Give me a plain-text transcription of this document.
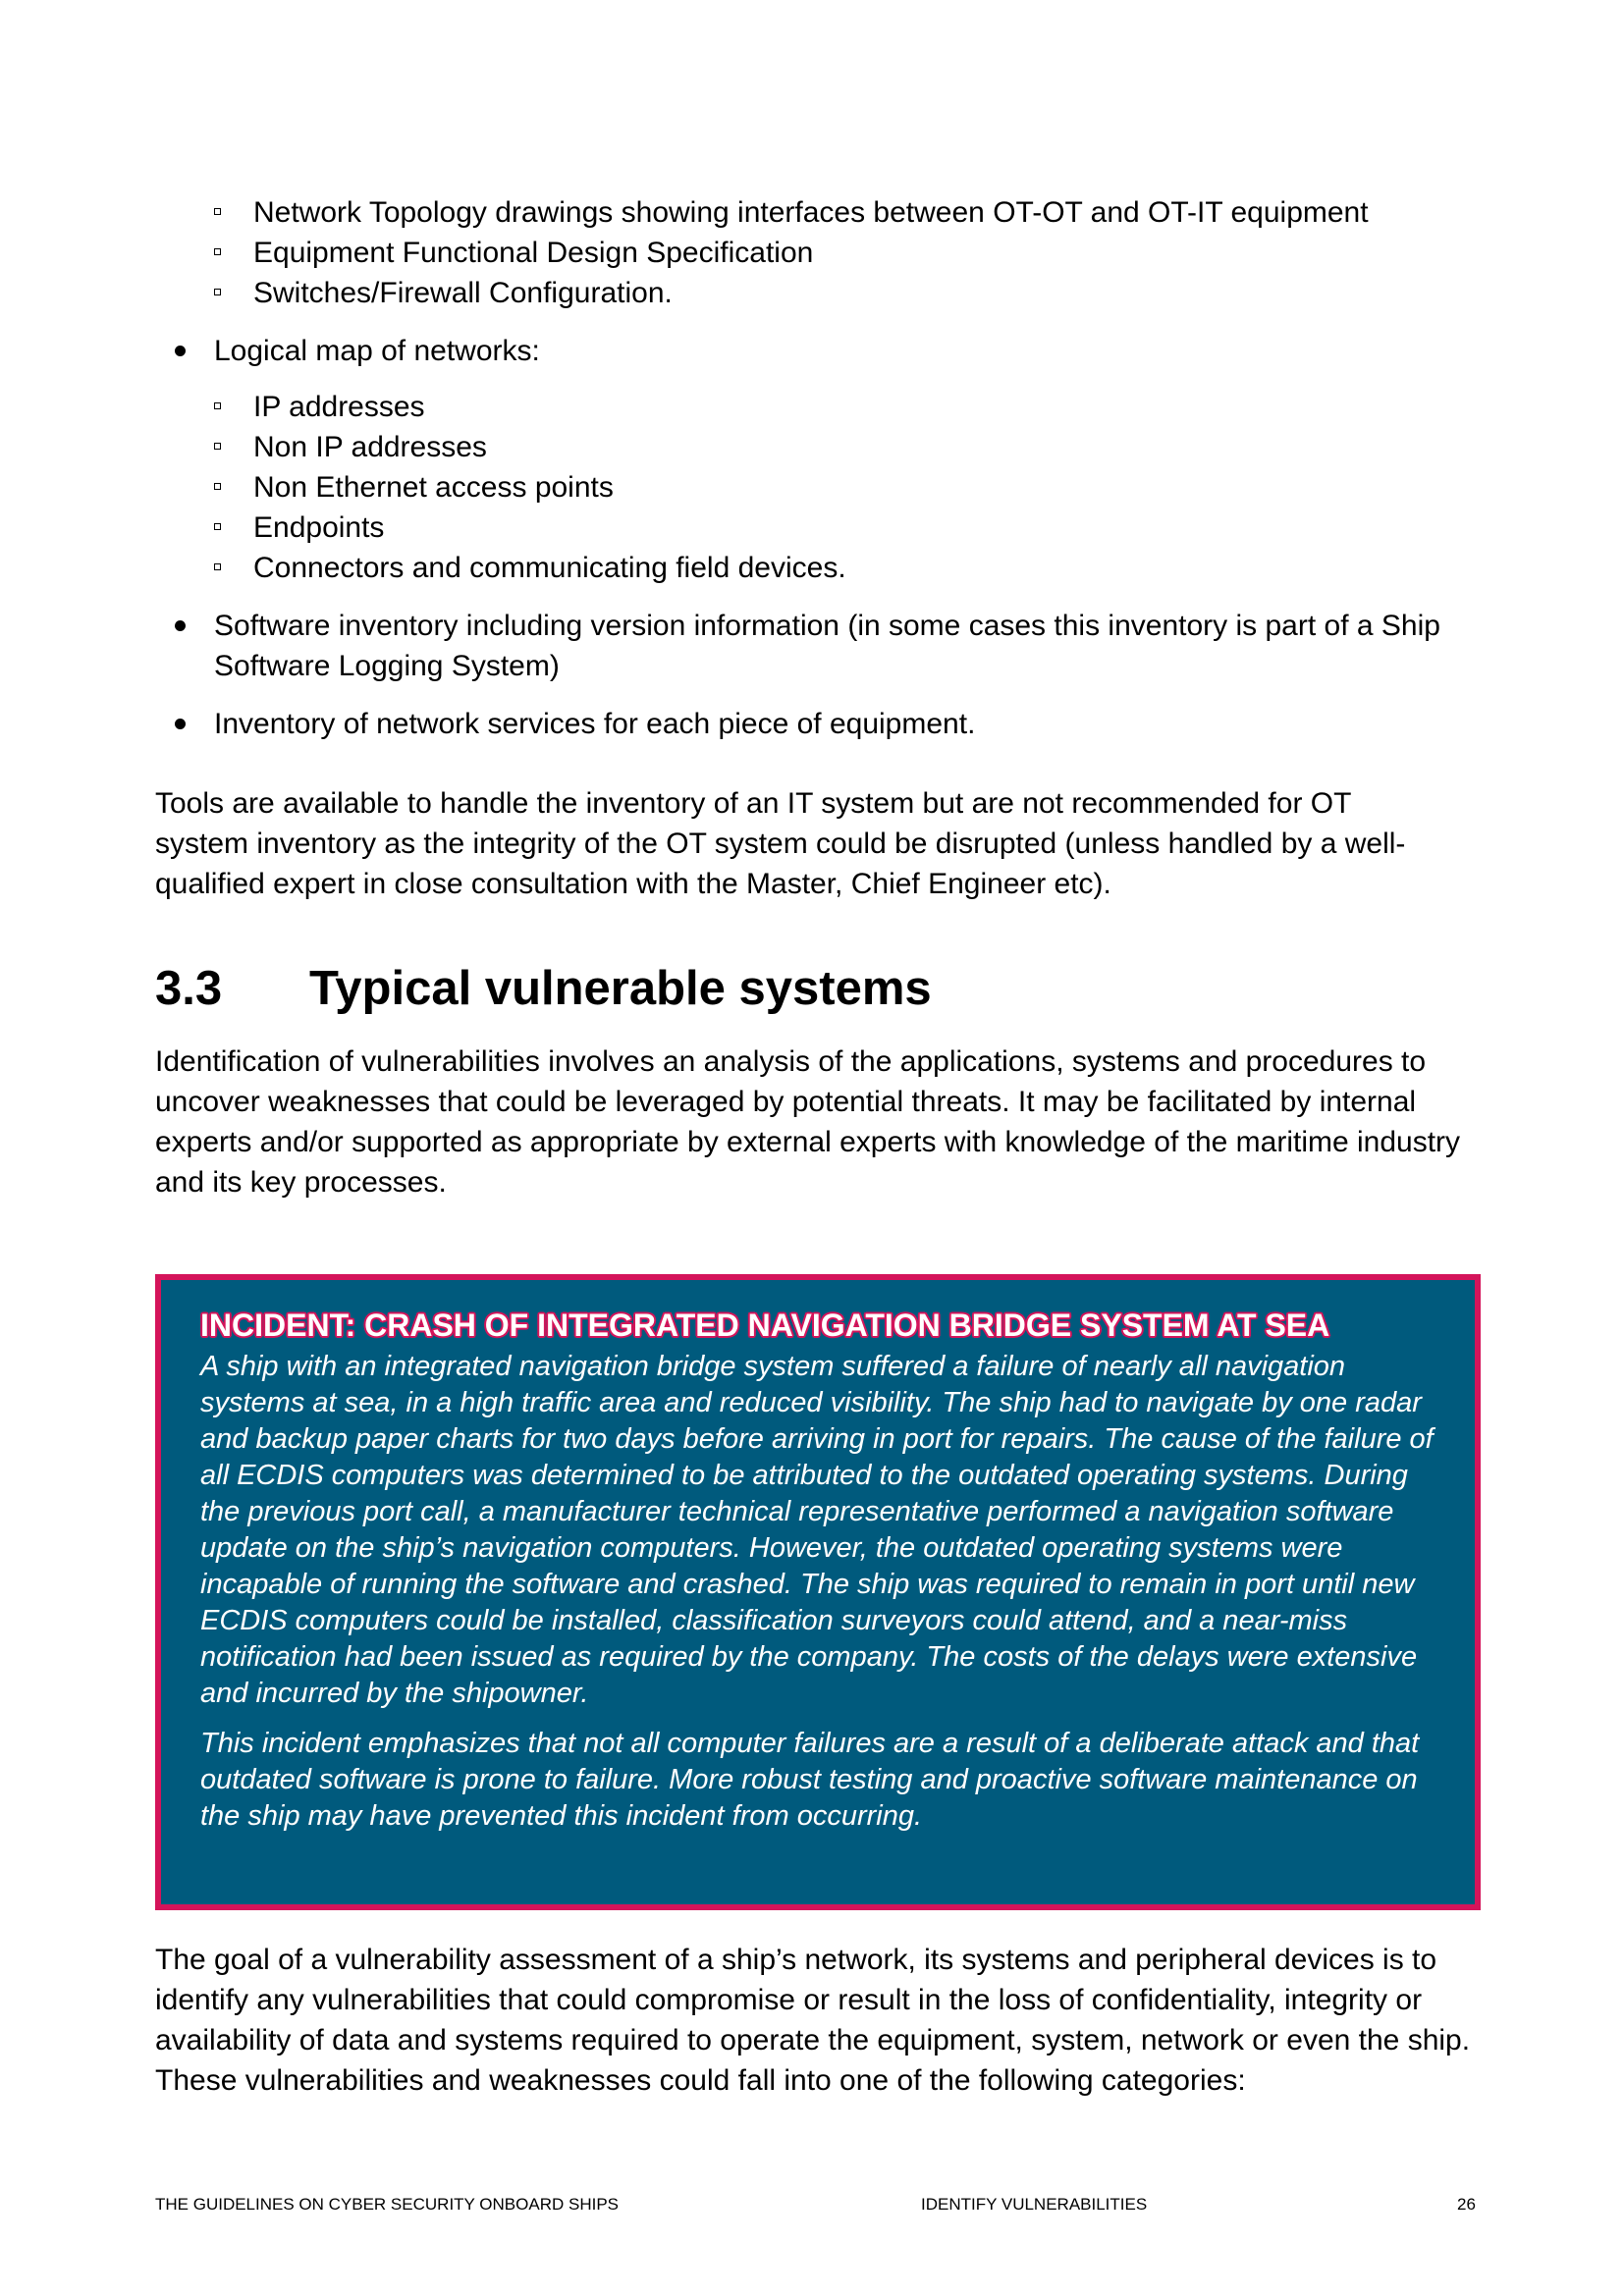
Network Topology drawings showing interfaces between OT-OT and OT-IT equipment
Equipment Functional Design Specification
Switches/Firewall Configuration.
Logical map of networks:
IP addresses
Non IP addresses
Non Ethernet access points
Endpoints
Connectors and communicating field devices.
Software inventory including version information (in some cases this inventory is part of a Ship Software Logging System)
Inventory of network services for each piece of equipment.

Tools are available to handle the inventory of an IT system but are not recommended for OT system inventory as the integrity of the OT system could be disrupted (unless handled by a well-qualified expert in close consultation with the Master, Chief Engineer etc).

3.3	Typical vulnerable systems

Identification of vulnerabilities involves an analysis of the applications, systems and procedures to uncover weaknesses that could be leveraged by potential threats. It may be facilitated by internal experts and/or supported as appropriate by external experts with knowledge of the maritime industry and its key processes.

INCIDENT: CRASH OF INTEGRATED NAVIGATION BRIDGE SYSTEM AT SEA

A ship with an integrated navigation bridge system suffered a failure of nearly all navigation systems at sea, in a high traffic area and reduced visibility. The ship had to navigate by one radar and backup paper charts for two days before arriving in port for repairs. The cause of the failure of all ECDIS computers was determined to be attributed to the outdated operating systems. During the previous port call, a manufacturer technical representative performed a navigation software update on the ship’s navigation computers. However, the outdated operating systems were incapable of running the software and crashed. The ship was required to remain in port until new ECDIS computers could be installed, classification surveyors could attend, and a near-miss notification had been issued as required by the company. The costs of the delays were extensive and incurred by the shipowner.

This incident emphasizes that not all computer failures are a result of a deliberate attack and that outdated software is prone to failure. More robust testing and proactive software maintenance on the ship may have prevented this incident from occurring.

The goal of a vulnerability assessment of a ship’s network, its systems and peripheral devices is to identify any vulnerabilities that could compromise or result in the loss of confidentiality, integrity or availability of data and systems required to operate the equipment, system, network or even the ship. These vulnerabilities and weaknesses could fall into one of the following categories:

THE GUIDELINES ON CYBER SECURITY ONBOARD SHIPS	IDENTIFY VULNERABILITIES	26
